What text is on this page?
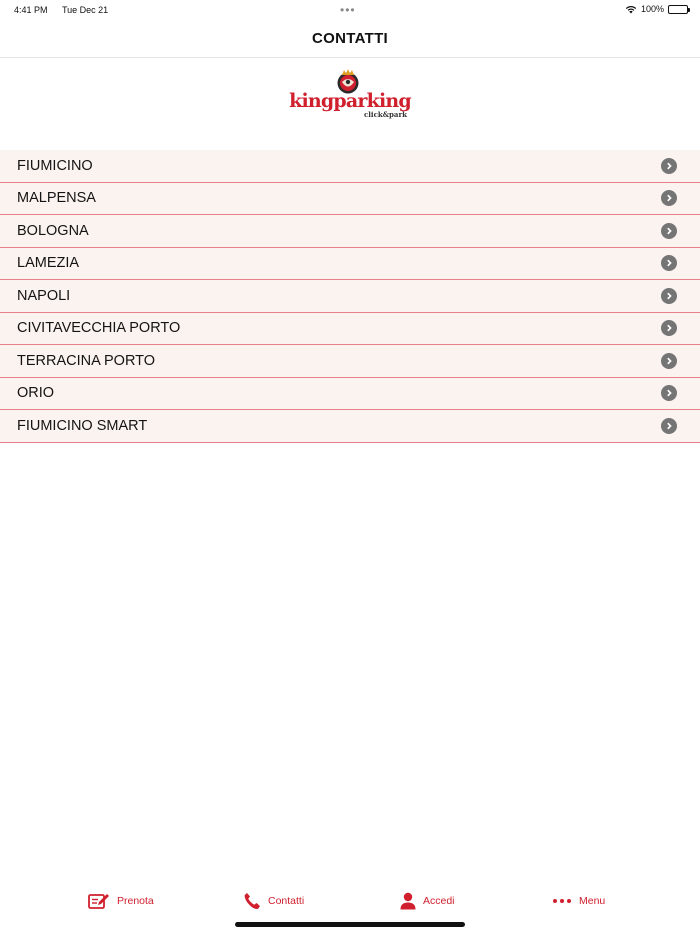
4:41 PM Tue Dec 21	•••	100%
CONTATTI
kingparking
click&park
FIUMICINO
MALPENSA
BOLOGNA
LAMEZIA
NAPOLI
CIVITAVECCHIA PORTO
TERRACINA PORTO
ORIO
FIUMICINO SMART
Prenota	Contatti	Accedi	Menu
